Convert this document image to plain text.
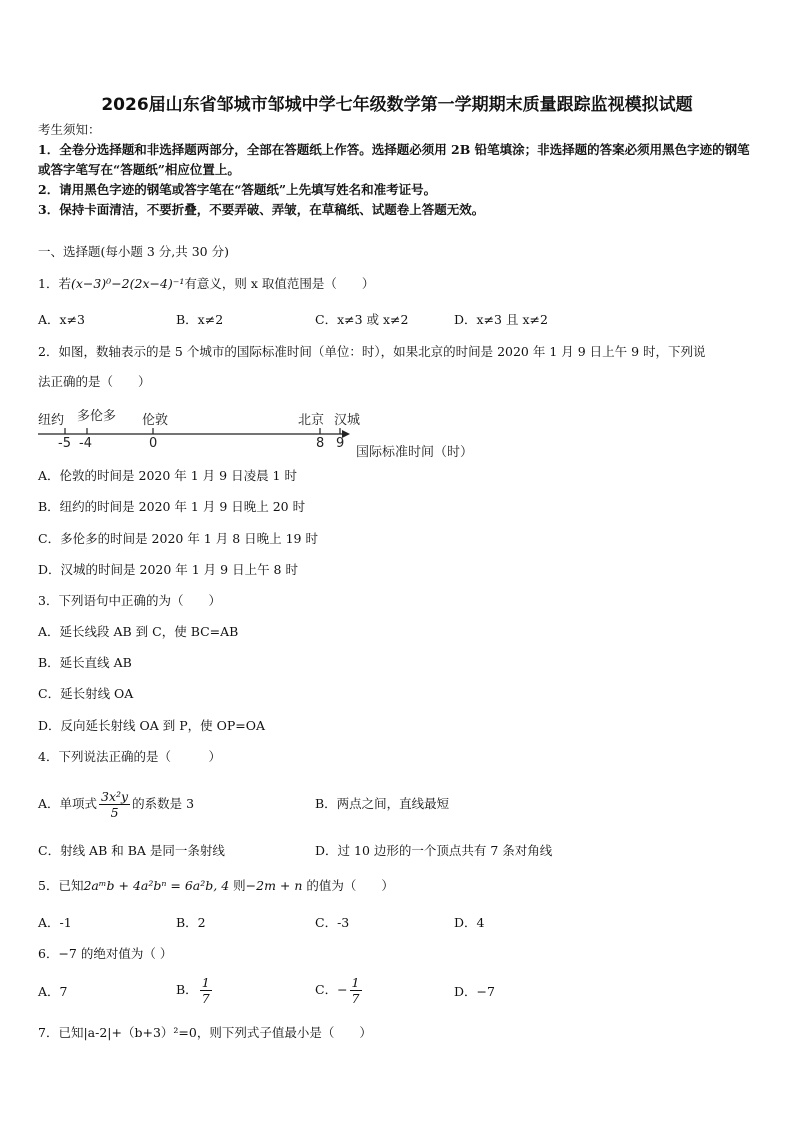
2026届山东省邹城市邹城中学七年级数学第一学期期末质量跟踪监视模拟试题
考生须知：
1．全卷分选择题和非选择题两部分，全部在答题纸上作答。选择题必须用 2B 铅笔填涂；非选择题的答案必须用黑色字迹的钢笔或答字笔写在“答题纸”相应位置上。
2．请用黑色字迹的钢笔或答字笔在“答题纸”上先填写姓名和准考证号。
3．保持卡面清洁，不要折叠，不要弄破、弄皱，在草稿纸、试题卷上答题无效。
一、选择题(每小题 3 分,共 30 分)
1．若(x−3)⁰−2(2x−4)⁻¹有意义，则 x 取值范围是（　　）
A．x≠3	B．x≠2	C．x≠3 或 x≠2	D．x≠3 且 x≠2
2．如图，数轴表示的是 5 个城市的国际标准时间（单位：时），如果北京的时间是 2020 年 1 月 9 日上午 9 时，下列说
法正确的是（　　）
纽约 多伦多 伦敦	北京 汉城
-5 -4	0	8 9
国际标准时间（时）
A．伦敦的时间是 2020 年 1 月 9 日凌晨 1 时
B．纽约的时间是 2020 年 1 月 9 日晚上 20 时
C．多伦多的时间是 2020 年 1 月 8 日晚上 19 时
D．汉城的时间是 2020 年 1 月 9 日上午 8 时
3．下列语句中正确的为（　　）
A．延长线段 AB 到 C，使 BC=AB
B．延长直线 AB
C．延长射线 OA
D．反向延长射线 OA 到 P，使 OP=OA
4．下列说法正确的是（　　　）
A．单项式 $\frac{\text{3x²y}}{5}$ 的系数是 3	B．两点之间，直线最短
C．射线 AB 和 BA 是同一条射线	D．过 10 边形的一个顶点共有 7 条对角线
5．已知2aᵐb + 4a²bⁿ = 6a²b, 4 则−2m + n 的值为（　　）
A．-1	B．2	C．-3	D．4
6．−7 的绝对值为（ ）
A．7	B． $\frac{1}{7}$	C．− $\frac{1}{7}$	D．−7
7．已知|a-2|+（b+3）²=0，则下列式子值最小是（　　）
